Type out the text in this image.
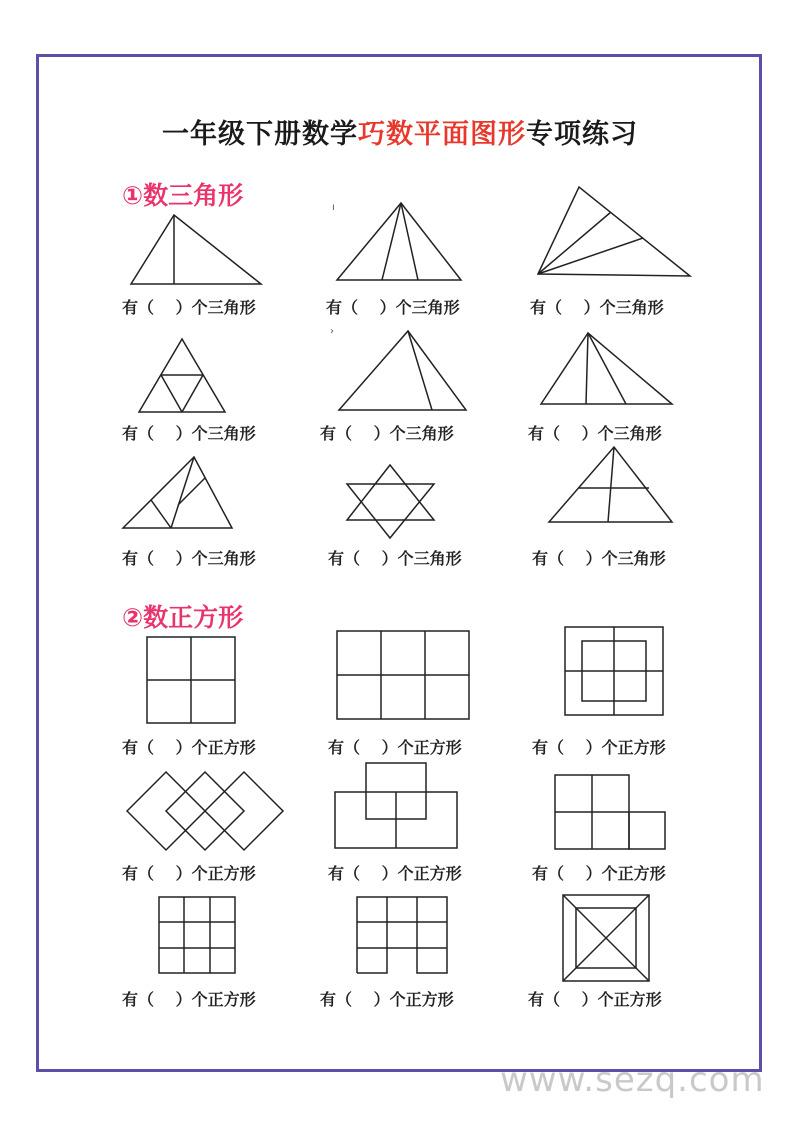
一年级下册数学巧数平面图形专项练习
①数三角形	ı
有（　 ）个三角形	有（　 ）个三角形	有（　 ）个三角形
›
有（　 ）个三角形	有（　 ）个三角形	有（　 ）个三角形
有（　 ）个三角形	有（　 ）个三角形	有（　 ）个三角形
②数正方形
有（　 ）个正方形	有（　 ）个正方形	有（　 ）个正方形
有（　 ）个正方形	有（　 ）个正方形	有（　 ）个正方形
有（　 ）个正方形	有（　 ）个正方形	有（　 ）个正方形
www.sezq.com
